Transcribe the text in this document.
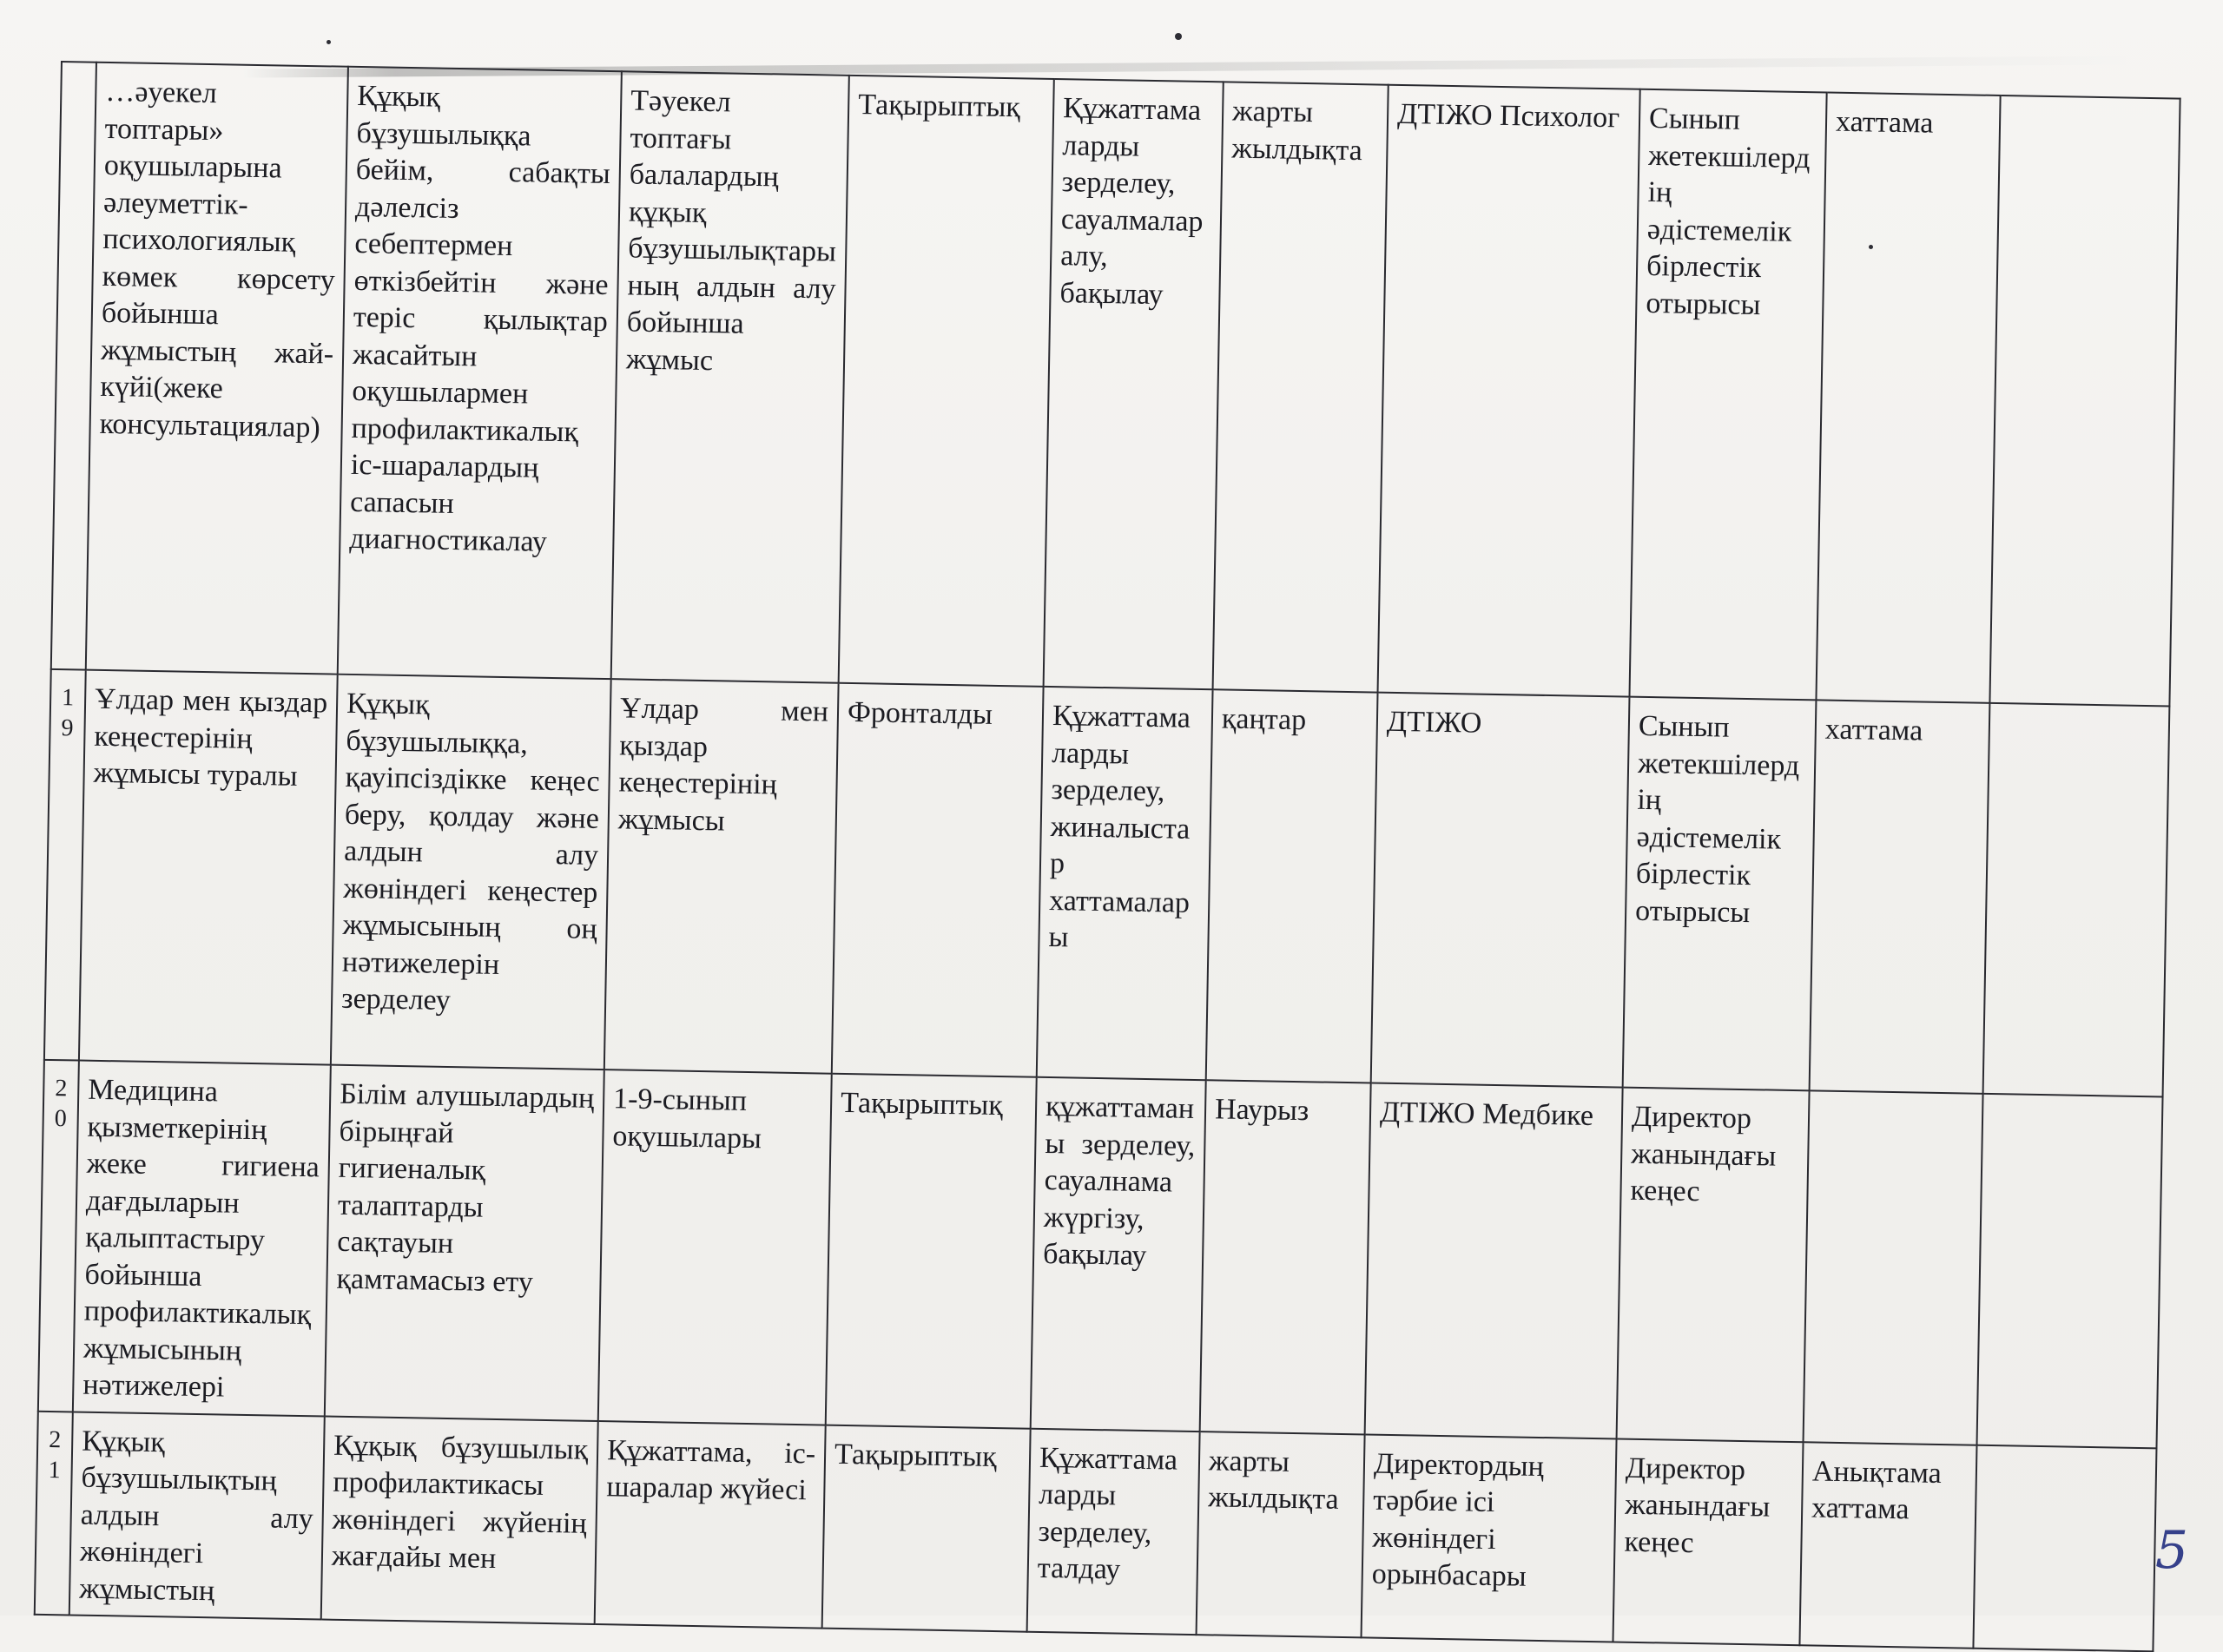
	…әуекел топтары» оқушыларына әлеуметтік-психологиялық көмек көрсету бойынша жұмыстың жай-күйі(жеке консультациялар)	Құқық бұзушылыққа бейім, сабақты дәлелсіз себептермен өткізбейтін және теріс қылықтар жасайтын оқушылармен профилактикалық іс-шаралардың сапасын диагностикалау	Тәуекел топтағы балалардың құқық бұзушылықтарының алдын алу бойынша жұмыс	Тақырыптық	Құжаттамаларды зерделеу, сауалмалар алу, бақылау	жарты жылдықта	ДТІЖО Психолог	Сынып жетекшілердің әдістемелік бірлестік отырысы	хаттама	
19	Ұлдар мен қыздар кеңестерінің жұмысы туралы	Құқық бұзушылыққа, қауіпсіздікке кеңес беру, қолдау және алдын алу жөніндегі кеңестер жұмысының оң нәтижелерін зерделеу	Ұлдар мен қыздар кеңестерінің жұмысы	Фронталды	Құжаттамаларды зерделеу, жиналыстар хаттамалары	қаңтар	ДТІЖО	Сынып жетекшілердің әдістемелік бірлестік отырысы	хаттама	
20	Медицина қызметкерінің жеке гигиена дағдыларын қалыптастыру бойынша профилактикалық жұмысының нәтижелері	Білім алушылардың бірыңғай гигиеналық талаптарды сақтауын қамтамасыз ету	1-9-сынып оқушылары	Тақырыптық	құжаттаманы зерделеу, сауалнама жүргізу, бақылау	Наурыз	ДТІЖО Медбике	Директор жанындағы кеңес		
21	Құқық бұзушылықтың алдын алу жөніндегі жұмыстың	Құқық бұзушылық профилактикасы жөніндегі жүйенің жағдайы мен	Құжаттама, іс-шаралар жүйесі	Тақырыптық	Құжаттамаларды зерделеу, талдау	жарты жылдықта	Директордың тәрбие ісі жөніндегі орынбасары	Директор жанындағы кеңес	Анықтама хаттама	
5
